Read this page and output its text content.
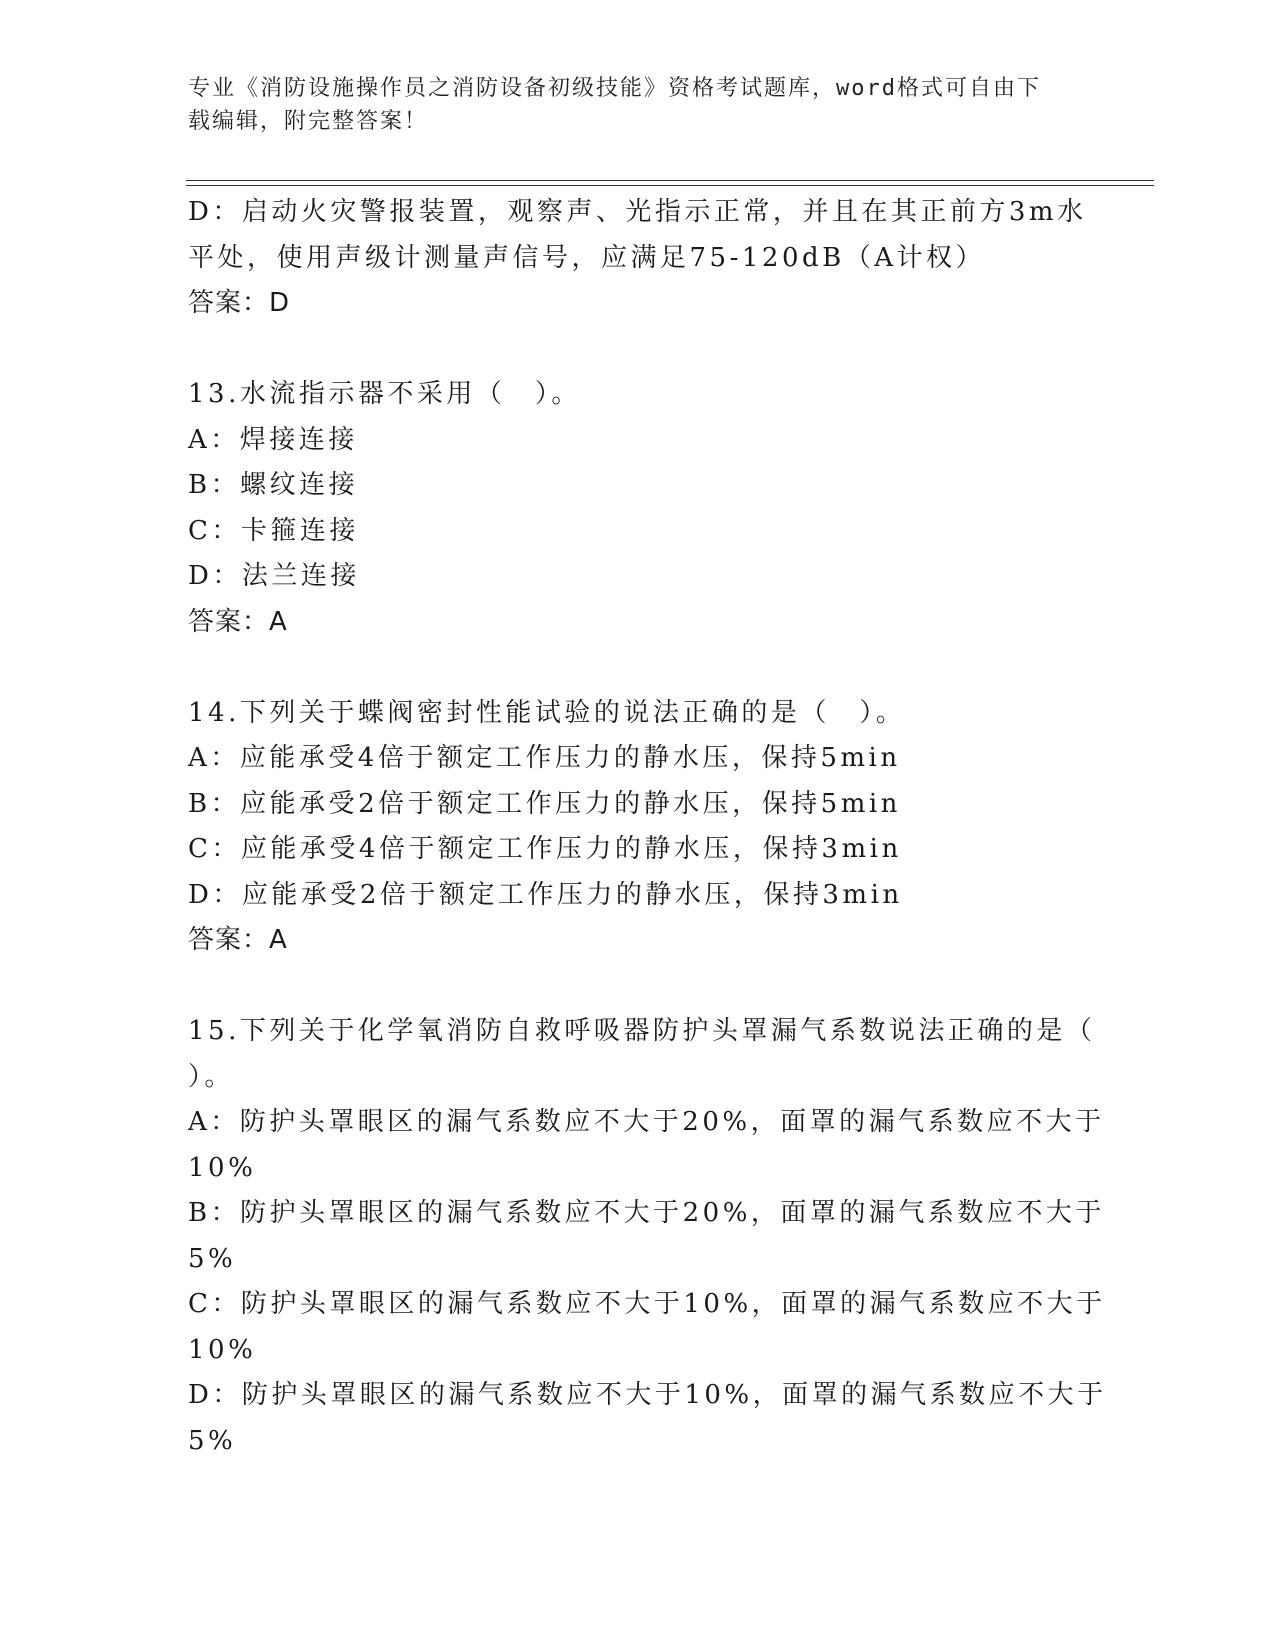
专业《消防设施操作员之消防设备初级技能》资格考试题库，word格式可自由下
载编辑，附完整答案！
D：启动火灾警报装置，观察声、光指示正常，并且在其正前方3m水
平处，使用声级计测量声信号，应满足75-120dB（A计权）
答案：D
13.水流指示器不采用（　）。
A：焊接连接
B：螺纹连接
C：卡箍连接
D：法兰连接
答案：A
14.下列关于蝶阀密封性能试验的说法正确的是（　）。
A：应能承受4倍于额定工作压力的静水压，保持5min
B：应能承受2倍于额定工作压力的静水压，保持5min
C：应能承受4倍于额定工作压力的静水压，保持3min
D：应能承受2倍于额定工作压力的静水压，保持3min
答案：A
15.下列关于化学氧消防自救呼吸器防护头罩漏气系数说法正确的是（
）。
A：防护头罩眼区的漏气系数应不大于20%，面罩的漏气系数应不大于
10%
B：防护头罩眼区的漏气系数应不大于20%，面罩的漏气系数应不大于
5%
C：防护头罩眼区的漏气系数应不大于10%，面罩的漏气系数应不大于
10%
D：防护头罩眼区的漏气系数应不大于10%，面罩的漏气系数应不大于
5%
